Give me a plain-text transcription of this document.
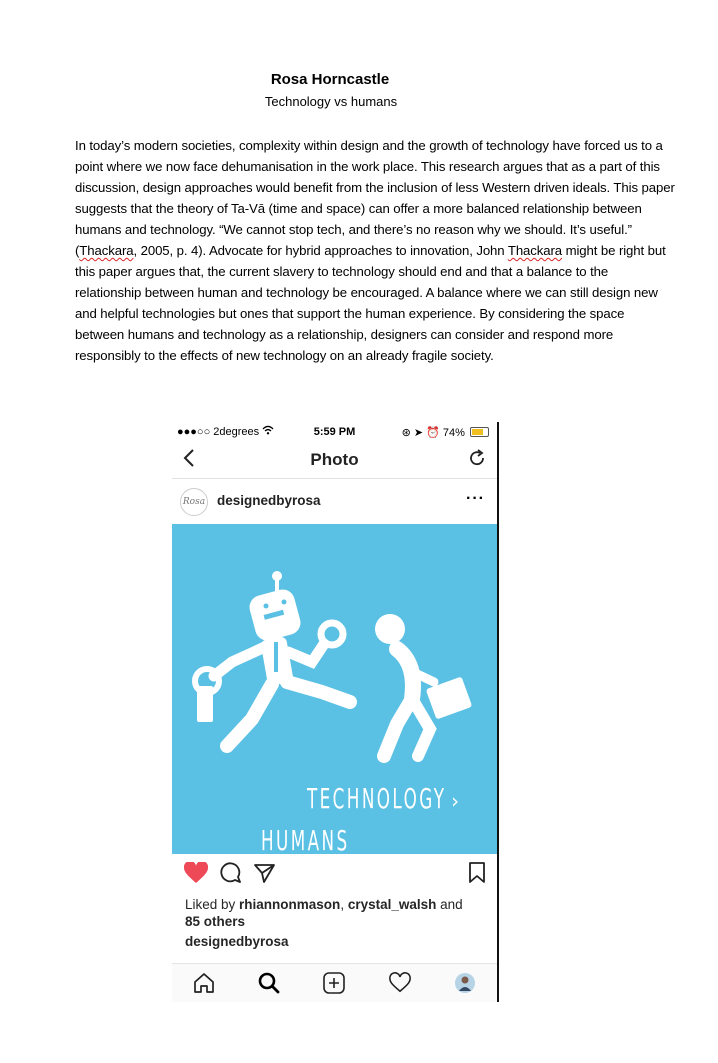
Rosa Horncastle
Technology vs humans

In today’s modern societies, complexity within design and the growth of technology have forced us to a point where we now face dehumanisation in the work place. This research argues that as a part of this discussion, design approaches would benefit from the inclusion of less Western driven ideals. This paper suggests that the theory of Ta-Vā (time and space) can offer a more balanced relationship between humans and technology. “We cannot stop tech, and there’s no reason why we should. It’s useful.” (Thackara, 2005, p. 4). Advocate for hybrid approaches to innovation, John Thackara might be right but this paper argues that, the current slavery to technology should end and that a balance to the relationship between human and technology be encouraged. A balance where we can still design new and helpful technologies but ones that support the human experience. By considering the space between humans and technology as a relationship, designers can consider and respond more responsibly to the effects of new technology on an already fragile society.

●●●○○ 2degrees	5:59 PM	⊛ ➤ ⏰ 74%
Photo
Rosa designedbyrosa	···
TECHNOLOGY › HUMANS
Liked by rhiannonmason, crystal_walsh and
85 others
designedbyrosa
